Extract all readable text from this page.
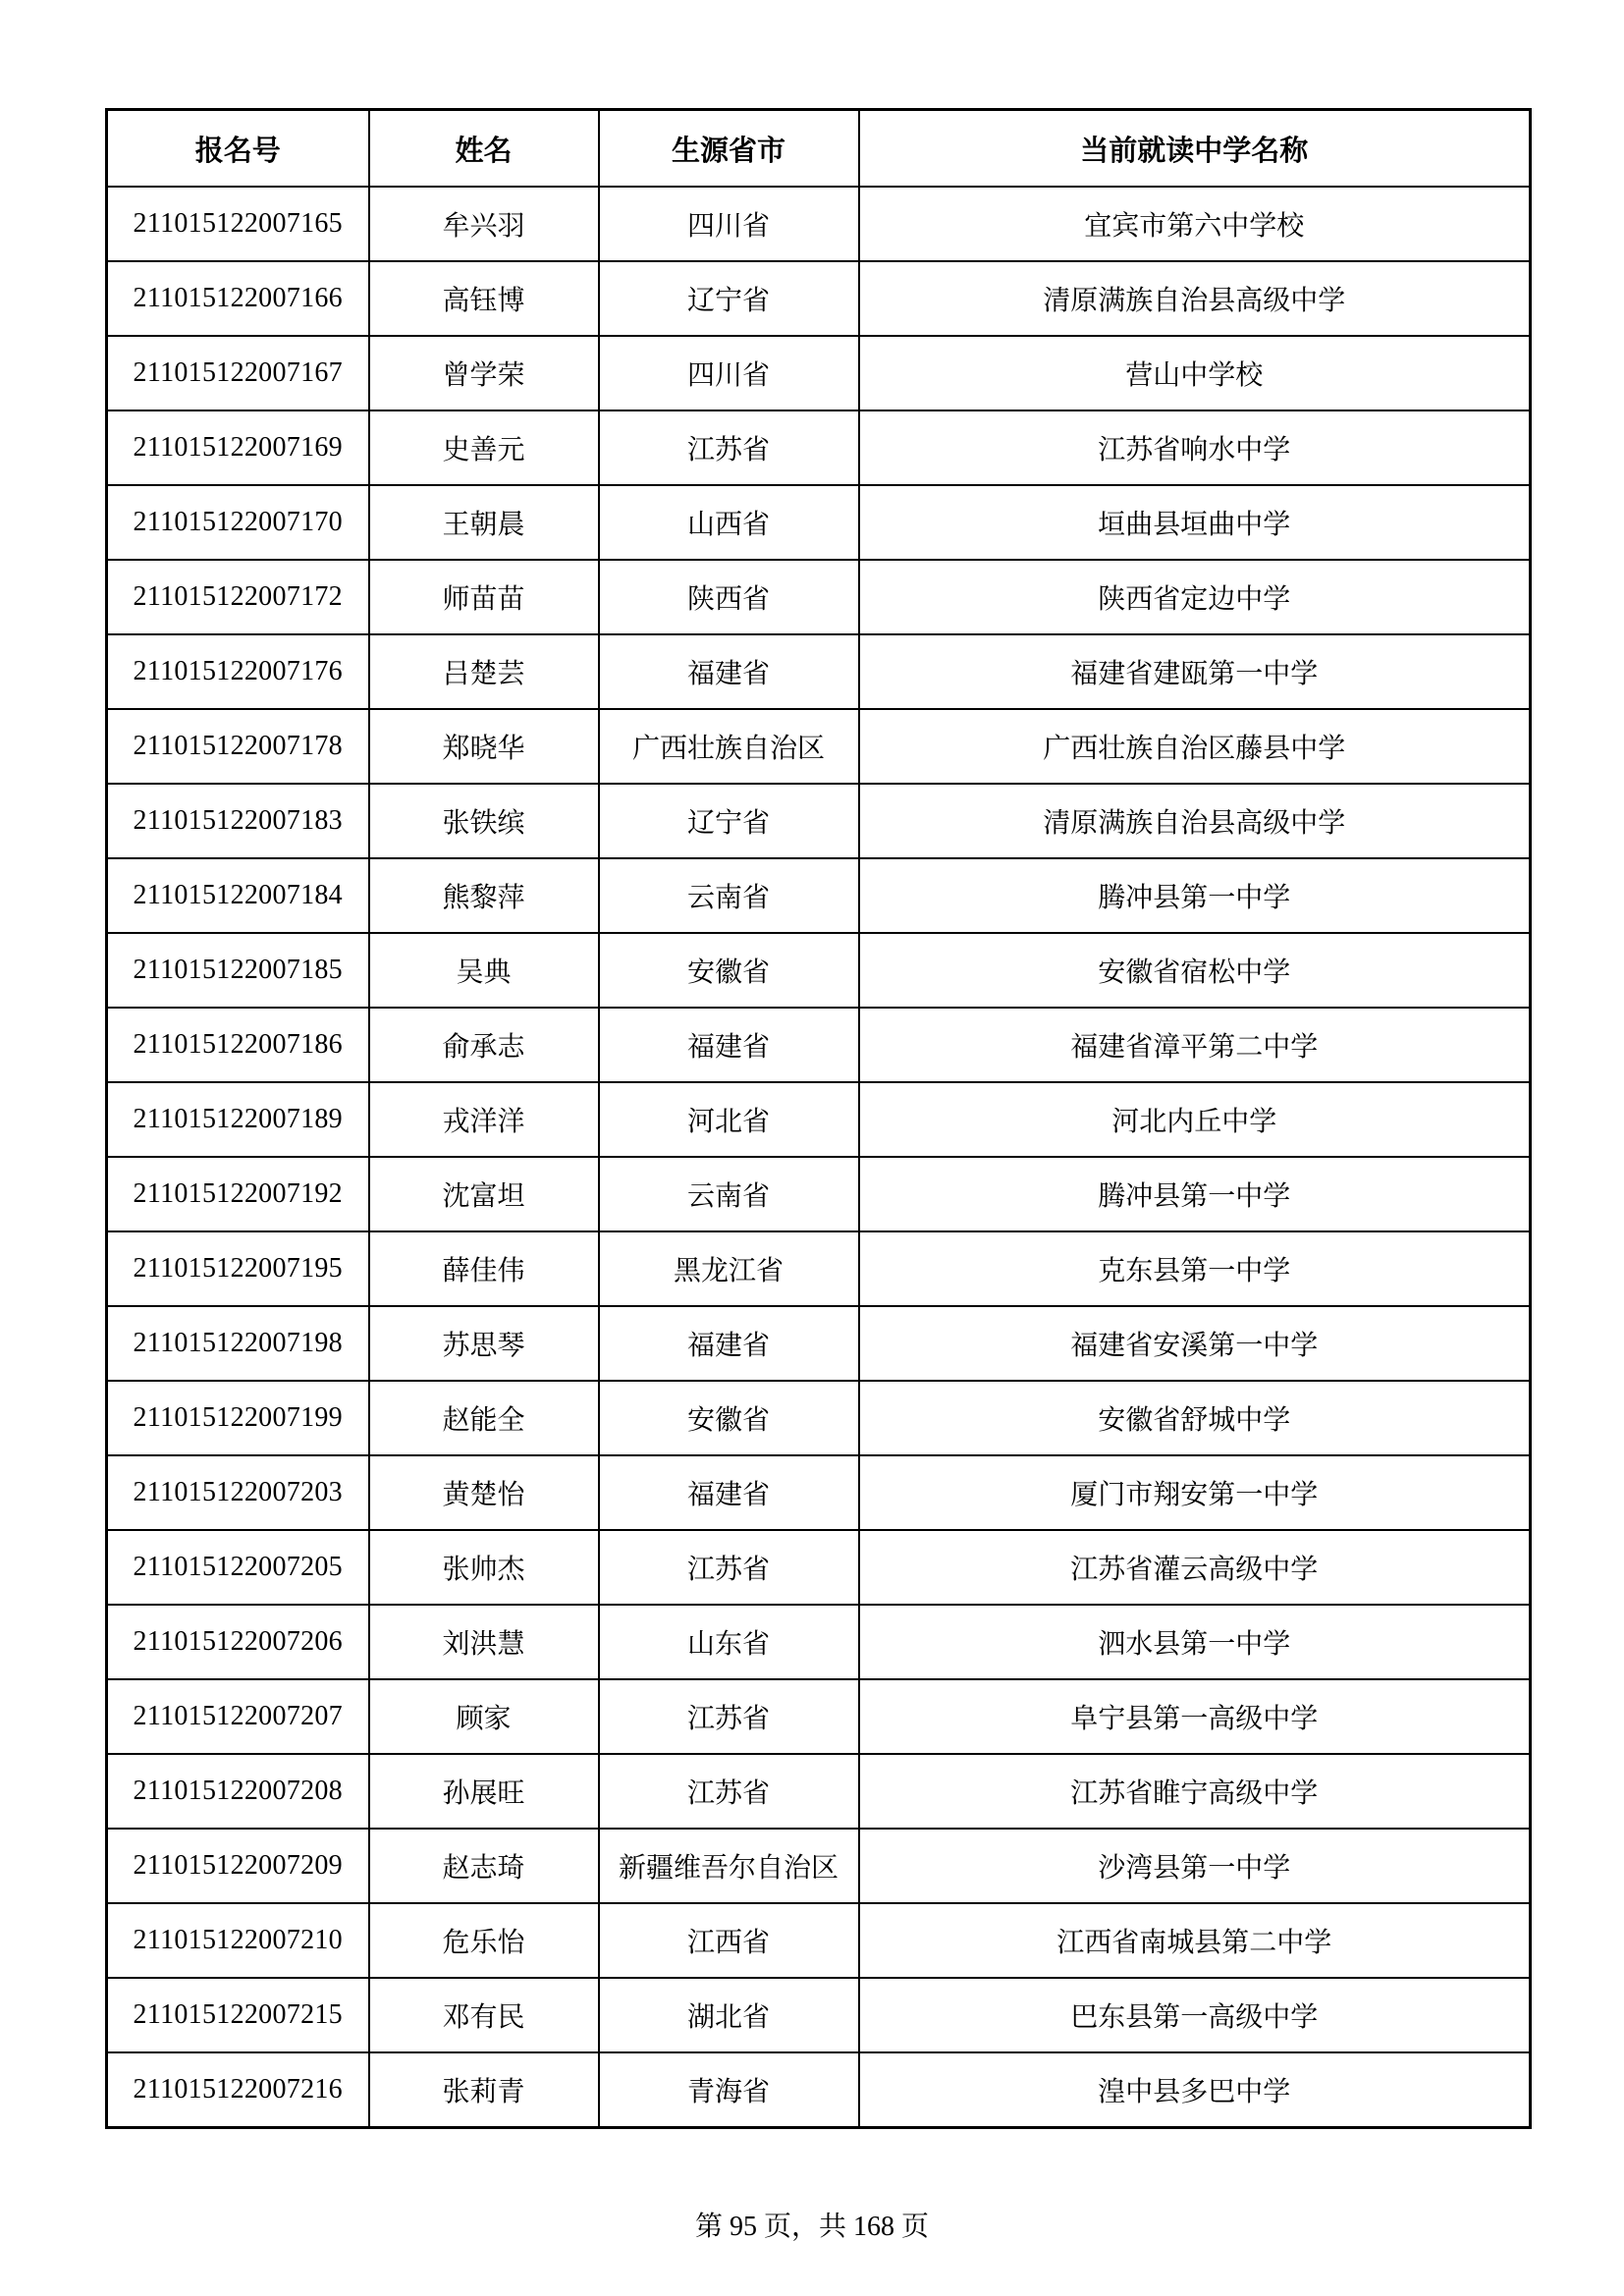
报名号	姓名	生源省市	当前就读中学名称
211015122007165	牟兴羽	四川省	宜宾市第六中学校
211015122007166	高钰博	辽宁省	清原满族自治县高级中学
211015122007167	曾学荣	四川省	营山中学校
211015122007169	史善元	江苏省	江苏省响水中学
211015122007170	王朝晨	山西省	垣曲县垣曲中学
211015122007172	师苗苗	陕西省	陕西省定边中学
211015122007176	吕楚芸	福建省	福建省建瓯第一中学
211015122007178	郑晓华	广西壮族自治区	广西壮族自治区藤县中学
211015122007183	张铁缤	辽宁省	清原满族自治县高级中学
211015122007184	熊黎萍	云南省	腾冲县第一中学
211015122007185	吴典	安徽省	安徽省宿松中学
211015122007186	俞承志	福建省	福建省漳平第二中学
211015122007189	戎洋洋	河北省	河北内丘中学
211015122007192	沈富坦	云南省	腾冲县第一中学
211015122007195	薛佳伟	黑龙江省	克东县第一中学
211015122007198	苏思琴	福建省	福建省安溪第一中学
211015122007199	赵能全	安徽省	安徽省舒城中学
211015122007203	黄楚怡	福建省	厦门市翔安第一中学
211015122007205	张帅杰	江苏省	江苏省灌云高级中学
211015122007206	刘洪慧	山东省	泗水县第一中学
211015122007207	顾家	江苏省	阜宁县第一高级中学
211015122007208	孙展旺	江苏省	江苏省睢宁高级中学
211015122007209	赵志琦	新疆维吾尔自治区	沙湾县第一中学
211015122007210	危乐怡	江西省	江西省南城县第二中学
211015122007215	邓有民	湖北省	巴东县第一高级中学
211015122007216	张莉青	青海省	湟中县多巴中学
第 95 页，共 168 页
